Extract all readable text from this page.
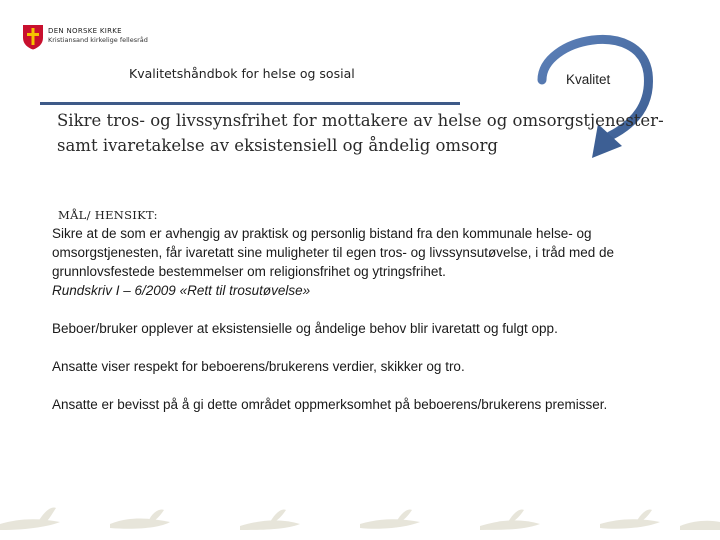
DEN NORSKE KIRKE
Kristiansand kirkelige fellesråd
Kvalitetshåndbok for helse og sosial	Kvalitet
Sikre tros- og livssynsfrihet for mottakere av helse og omsorgstjenester- samt ivaretakelse av eksistensiell og åndelig omsorg
MÅL/ HENSIKT:

Sikre at de som er avhengig av praktisk og personlig bistand fra den kommunale helse- og omsorgstjenesten, får ivaretatt sine muligheter til egen tros- og livssynsutøvelse, i tråd med de grunnlovsfestede bestemmelser om religionsfrihet og ytringsfrihet.

Rundskriv I – 6/2009 «Rett til trosutøvelse»

Beboer/bruker opplever at eksistensielle og åndelige behov blir ivaretatt og fulgt opp.

Ansatte viser respekt for beboerens/brukerens verdier, skikker og tro.

Ansatte er bevisst på å gi dette området oppmerksomhet på beboerens/brukerens premisser.
